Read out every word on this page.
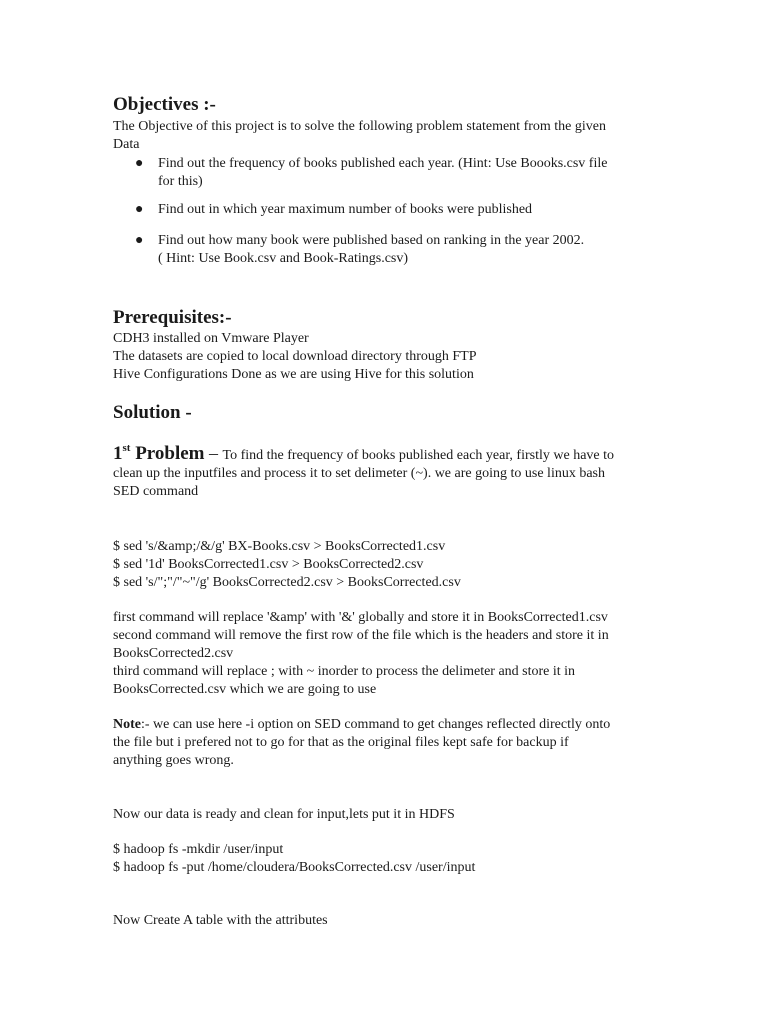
Objectives :-
The Objective of this project is to solve the following problem statement from the given
Data
● Find out the frequency of books published each year. (Hint: Use Boooks.csv file
for this)
● Find out in which year maximum number of books were published
● Find out how many book were published based on ranking in the year 2002.
( Hint: Use Book.csv and Book-Ratings.csv)
Prerequisites:-
CDH3 installed on Vmware Player
The datasets are copied to local download directory through FTP
Hive Configurations Done as we are using Hive for this solution
Solution -
1st Problem – To find the frequency of books published each year, firstly we have to
clean up the inputfiles and process it to set delimeter (~). we are going to use linux bash
SED command
$ sed 's/&amp;/&/g' BX-Books.csv > BooksCorrected1.csv
$ sed '1d' BooksCorrected1.csv > BooksCorrected2.csv
$ sed 's/";"/"~"/g' BooksCorrected2.csv > BooksCorrected.csv
first command will replace '&amp' with '&' globally and store it in BooksCorrected1.csv
second command will remove the first row of the file which is the headers and store it in
BooksCorrected2.csv
third command will replace ; with ~ inorder to process the delimeter and store it in
BooksCorrected.csv which we are going to use
Note:- we can use here -i option on SED command to get changes reflected directly onto
the file but i prefered not to go for that as the original files kept safe for backup if
anything goes wrong.
Now our data is ready and clean for input,lets put it in HDFS
$ hadoop fs -mkdir /user/input
$ hadoop fs -put /home/cloudera/BooksCorrected.csv /user/input
Now Create A table with the attributes
